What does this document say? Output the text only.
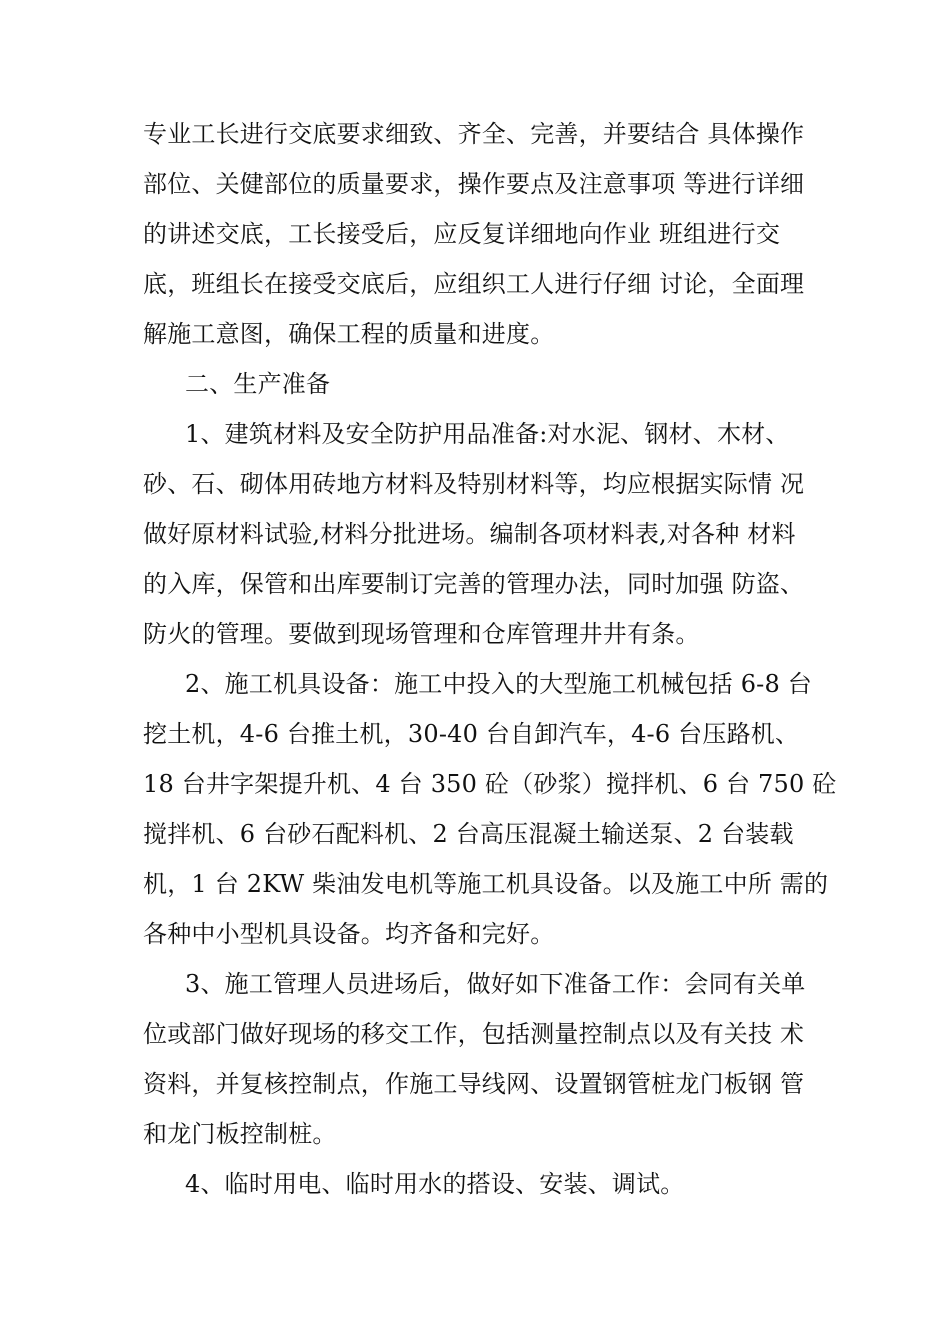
专业工长进行交底要求细致、齐全、完善，并要结合 具体操作
部位、关健部位的质量要求，操作要点及注意事项 等进行详细
的讲述交底，工长接受后，应反复详细地向作业 班组进行交
底，班组长在接受交底后，应组织工人进行仔细 讨论，全面理
解施工意图，确保工程的质量和进度。
二、生产准备
1、建筑材料及安全防护用品准备:对水泥、钢材、木材、
砂、石、砌体用砖地方材料及特别材料等，均应根据实际情 况
做好原材料试验,材料分批进场。编制各项材料表,对各种 材料
的入库，保管和出库要制订完善的管理办法，同时加强 防盗、
防火的管理。要做到现场管理和仓库管理井井有条。
2、施工机具设备：施工中投入的大型施工机械包括 6-8 台
挖土机，4-6 台推土机，30-40 台自卸汽车，4-6 台压路机、
18 台井字架提升机、4 台 350 砼（砂浆）搅拌机、6 台 750 砼
搅拌机、6 台砂石配料机、2 台高压混凝土输送泵、2 台装载
机，1 台 2KW 柴油发电机等施工机具设备。以及施工中所 需的
各种中小型机具设备。均齐备和完好。
3、施工管理人员进场后，做好如下准备工作：会同有关单
位或部门做好现场的移交工作，包括测量控制点以及有关技 术
资料，并复核控制点，作施工导线网、设置钢管桩龙门板钢 管
和龙门板控制桩。
4、临时用电、临时用水的搭设、安装、调试。
